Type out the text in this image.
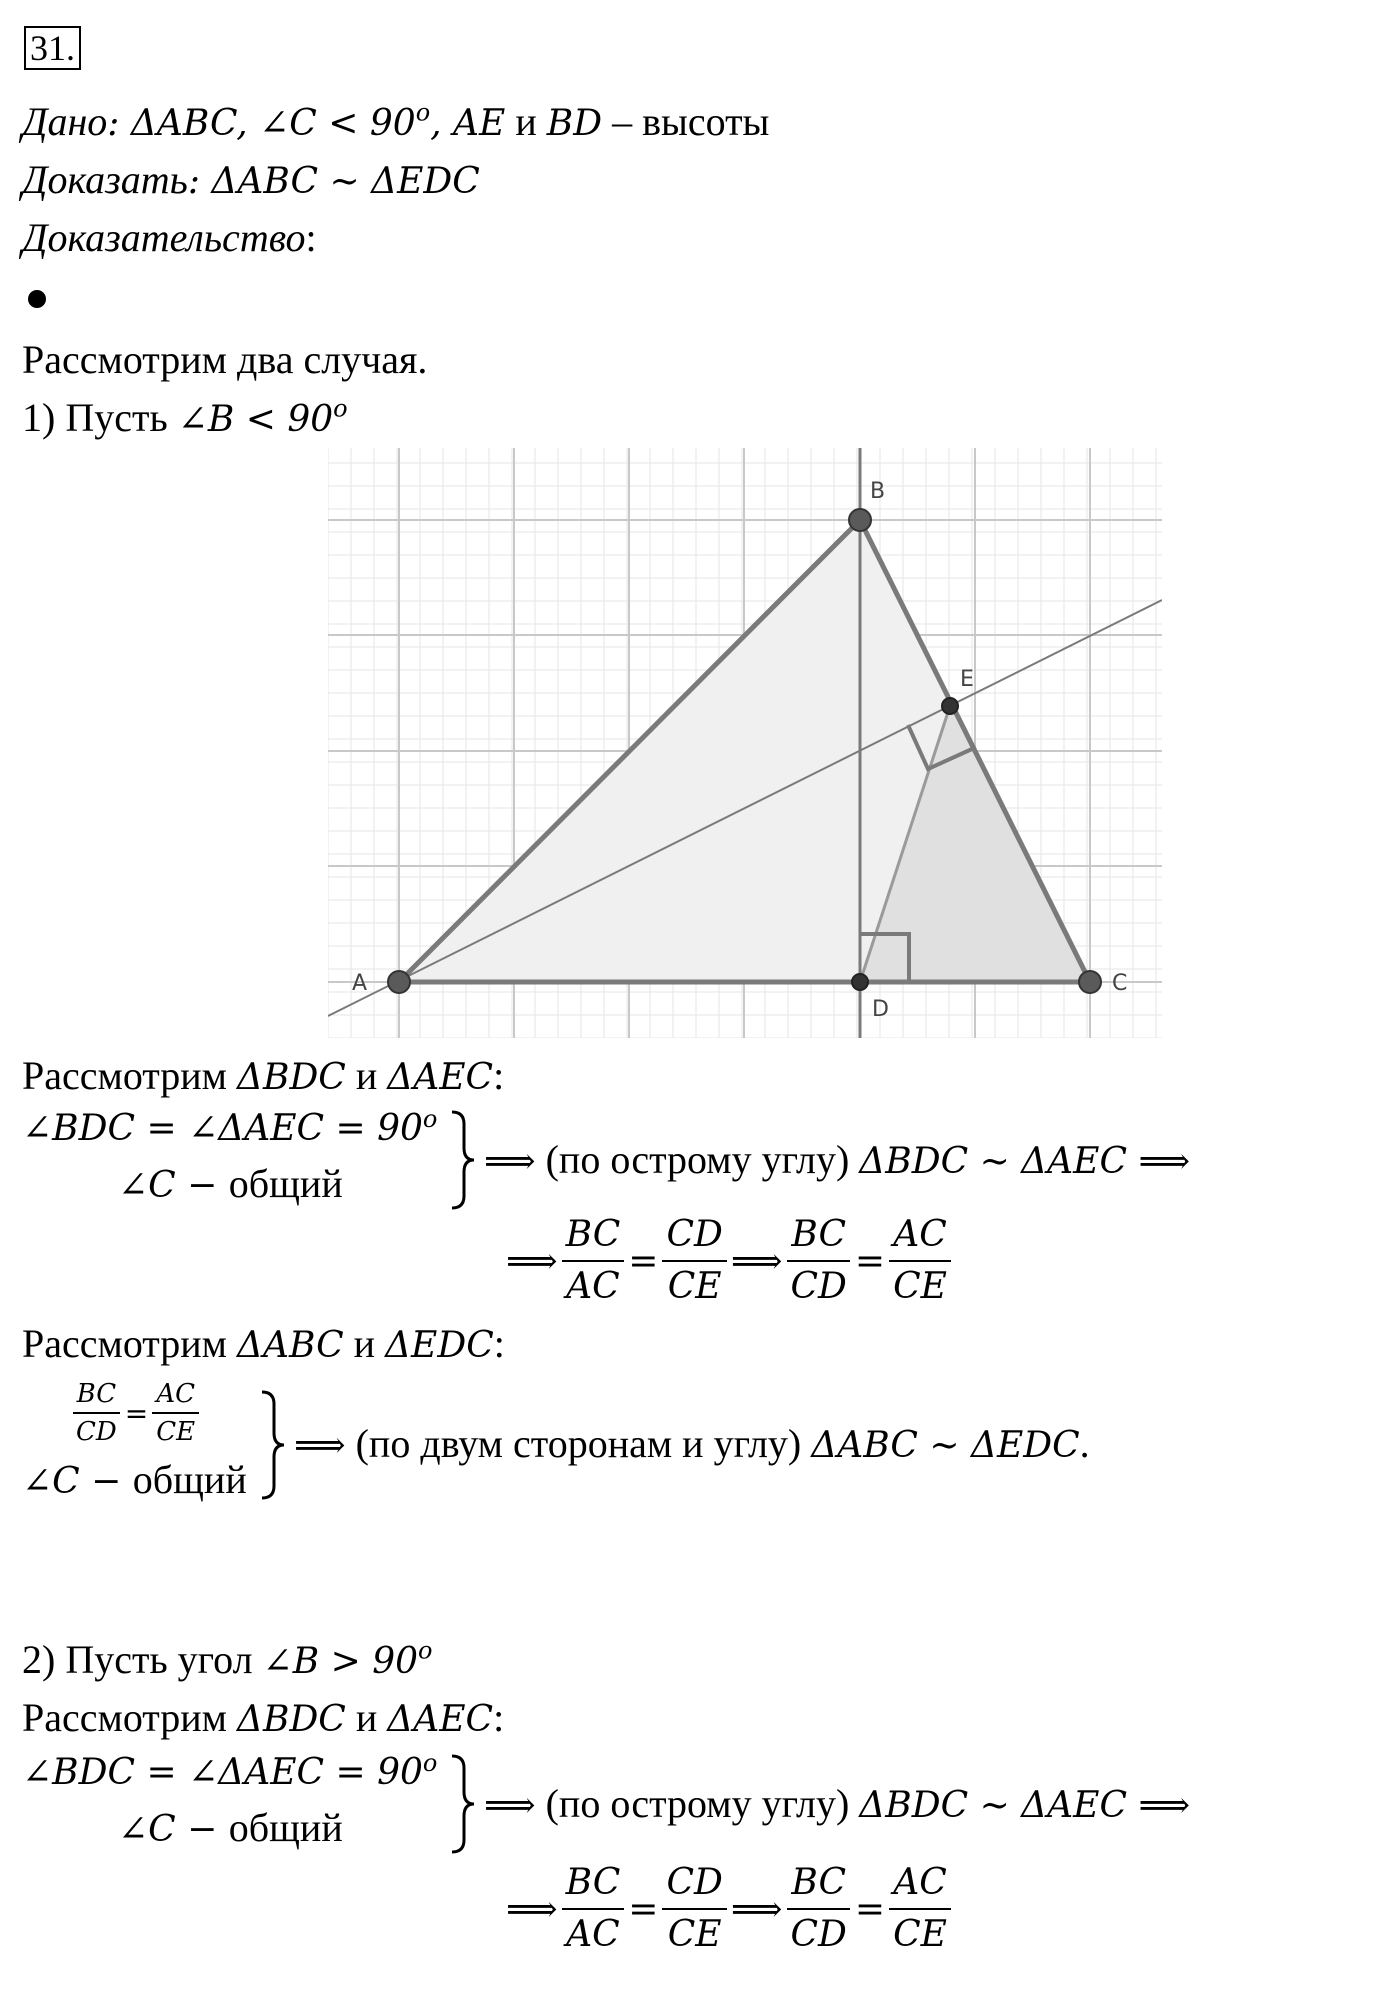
31.
Дано: ΔABC, ∠C < $90^o$, AE и BD – высоты
Доказать: ΔABC ~ ΔEDC
Доказательство:
Рассмотрим два случая.
1) Пусть ∠B < $90^o$
B
A	C
D
E
Рассмотрим ΔBDC и ΔAEC:
∠BDC = ∠ΔAEC = $90^o$
∠C − общий	⟹ (по острому углу) ΔBDC ~ ΔAEC ⟹
⟹ $\frac{BC}{AC} = \frac{CD}{CE}$ ⟹ $\frac{BC}{CD} = \frac{AC}{CE}$
Рассмотрим ΔABC и ΔEDC:
$\frac{BC}{CD} = \frac{AC}{CE}$
∠C − общий
⟹ (по двум сторонам и углу) ΔABC ~ ΔEDC.
2) Пусть угол ∠B > $90^o$
Рассмотрим ΔBDC и ΔAEC:
∠BDC = ∠ΔAEC = $90^o$
∠C − общий	⟹ (по острому углу) ΔBDC ~ ΔAEC ⟹
⟹ $\frac{BC}{AC} = \frac{CD}{CE}$ ⟹ $\frac{BC}{CD} = \frac{AC}{CE}$
